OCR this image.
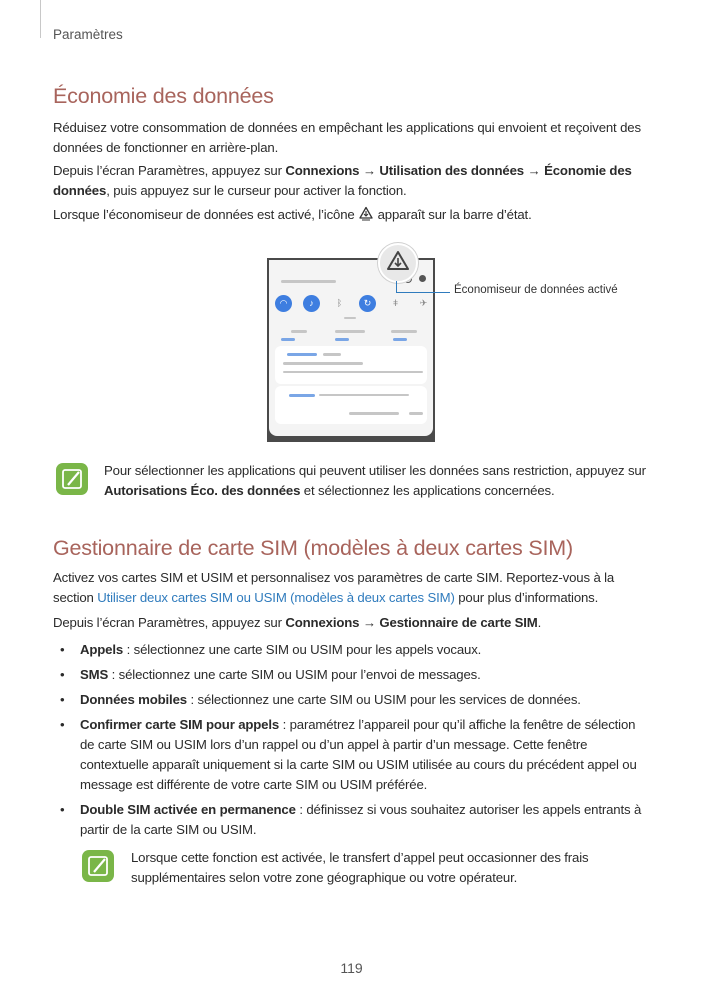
Paramètres
Économie des données

Réduisez votre consommation de données en empêchant les applications qui envoient et reçoivent des données de fonctionner en arrière-plan.

Depuis l’écran Paramètres, appuyez sur Connexions → Utilisation des données → Économie des données, puis appuyez sur le curseur pour activer la fonction.

Lorsque l’économiseur de données est activé, l’icône  apparaît sur la barre d’état.

◠	♪	ᛒ	↻	ǂ	✈
Économiseur de données activé

Pour sélectionner les applications qui peuvent utiliser les données sans restriction, appuyez sur Autorisations Éco. des données et sélectionnez les applications concernées.

Gestionnaire de carte SIM (modèles à deux cartes SIM)

Activez vos cartes SIM et USIM et personnalisez vos paramètres de carte SIM. Reportez-vous à la section Utiliser deux cartes SIM ou USIM (modèles à deux cartes SIM) pour plus d’informations.

Depuis l’écran Paramètres, appuyez sur Connexions → Gestionnaire de carte SIM.

• Appels : sélectionnez une carte SIM ou USIM pour les appels vocaux.
• SMS : sélectionnez une carte SIM ou USIM pour l’envoi de messages.
• Données mobiles : sélectionnez une carte SIM ou USIM pour les services de données.
• Confirmer carte SIM pour appels : paramétrez l’appareil pour qu’il affiche la fenêtre de sélection de carte SIM ou USIM lors d’un rappel ou d’un appel à partir d’un message. Cette fenêtre contextuelle apparaît uniquement si la carte SIM ou USIM utilisée au cours du précédent appel ou message est différente de votre carte SIM ou USIM préférée.
• Double SIM activée en permanence : définissez si vous souhaitez autoriser les appels entrants à partir de la carte SIM ou USIM.

Lorsque cette fonction est activée, le transfert d’appel peut occasionner des frais supplémentaires selon votre zone géographique ou votre opérateur.

119
